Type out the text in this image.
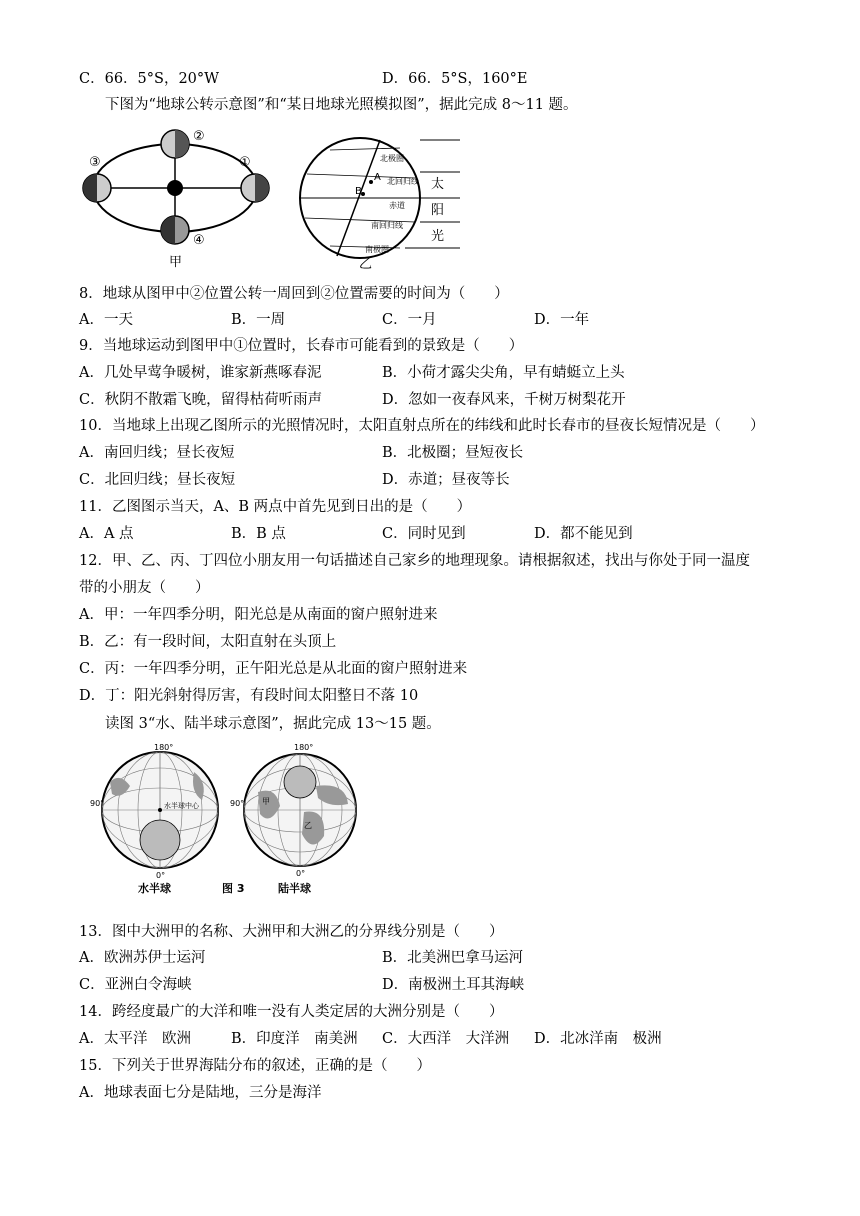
C．66．5°S，20°W	D．66．5°S，160°E
下图为“地球公转示意图”和“某日地球光照模拟图”，据此完成 8～11 题。
②
①
③
④
甲
北极圈
北回归线
赤道
南回归线
南极圈
A
B	太
阳
光
乙
8．地球从图甲中②位置公转一周回到②位置需要的时间为（　　）
A．一天	B．一周	C．一月	D．一年
9．当地球运动到图甲中①位置时，长春市可能看到的景致是（　　）
A．几处早莺争暖树，谁家新燕啄春泥	B．小荷才露尖尖角，早有蜻蜓立上头
C．秋阴不散霜飞晚，留得枯荷听雨声	D．忽如一夜春风来，千树万树梨花开
10．当地球上出现乙图所示的光照情况时，太阳直射点所在的纬线和此时长春市的昼夜长短情况是（　　）
A．南回归线；昼长夜短	B．北极圈；昼短夜长
C．北回归线；昼长夜短	D．赤道；昼夜等长
11．乙图图示当天，A、B 两点中首先见到日出的是（　　）
A．A 点	B．B 点	C．同时见到	D．都不能见到
12．甲、乙、丙、丁四位小朋友用一句话描述自己家乡的地理现象。请根据叙述，找出与你处于同一温度
带的小朋友（　　）
A．甲：一年四季分明，阳光总是从南面的窗户照射进来
B．乙：有一段时间，太阳直射在头顶上
C．丙：一年四季分明，正午阳光总是从北面的窗户照射进来
D．丁：阳光斜射得厉害，有段时间太阳整日不落 10
读图 3“水、陆半球示意图”，据此完成 13～15 题。
180°
0°
90°	水半球中心
水半球
180°
0°
90° 甲
乙
图 3	陆半球
13．图中大洲甲的名称、大洲甲和大洲乙的分界线分别是（　　）
A．欧洲苏伊士运河	B．北美洲巴拿马运河
C．亚洲白令海峡	D．南极洲土耳其海峡
14．跨经度最广的大洋和唯一没有人类定居的大洲分别是（　　）
A．太平洋　欧洲	B．印度洋　南美洲 C．大西洋　大洋洲 D．北冰洋南　极洲
15．下列关于世界海陆分布的叙述，正确的是（　　）
A．地球表面七分是陆地，三分是海洋
